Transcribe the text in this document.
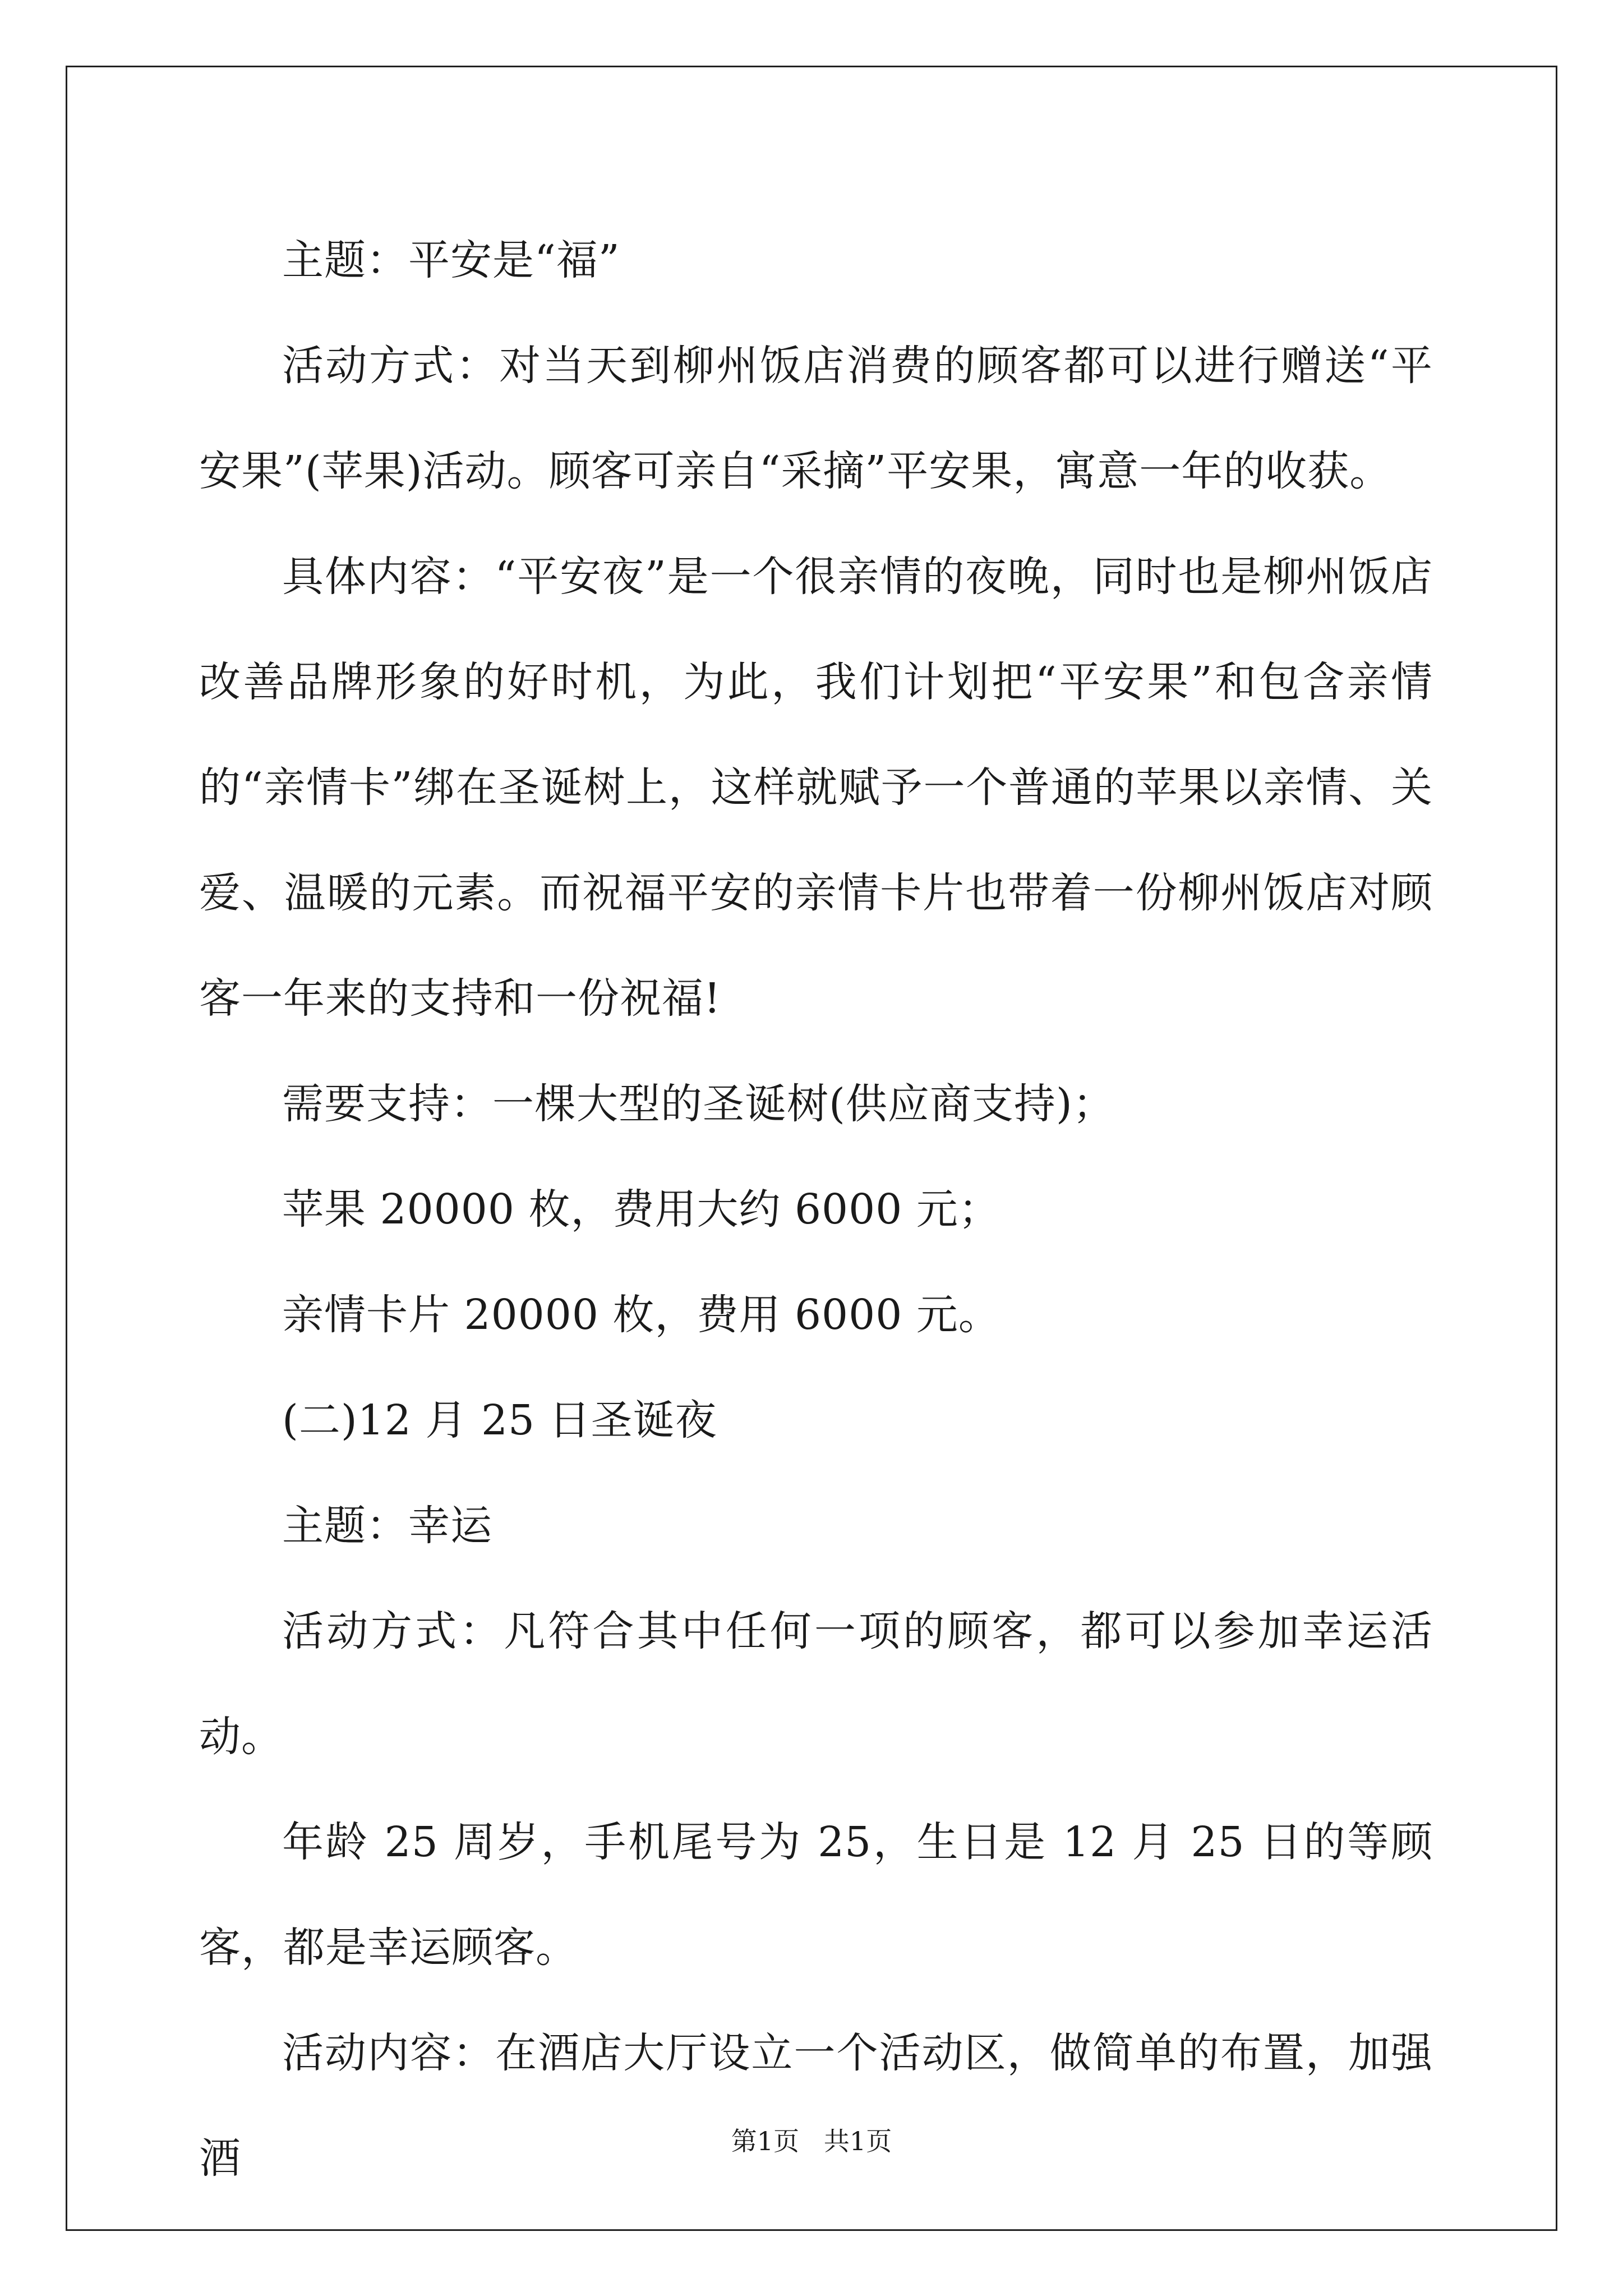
主题：平安是“福”

活动方式：对当天到柳州饭店消费的顾客都可以进行赠送“平安果”(苹果)活动。顾客可亲自“采摘”平安果，寓意一年的收获。

具体内容：“平安夜”是一个很亲情的夜晚，同时也是柳州饭店改善品牌形象的好时机，为此，我们计划把“平安果”和包含亲情的“亲情卡”绑在圣诞树上，这样就赋予一个普通的苹果以亲情、关爱、温暖的元素。而祝福平安的亲情卡片也带着一份柳州饭店对顾客一年来的支持和一份祝福!

需要支持：一棵大型的圣诞树(供应商支持)；

苹果 20000 枚，费用大约 6000 元；

亲情卡片 20000 枚，费用 6000 元。

(二)12 月 25 日圣诞夜

主题：幸运

活动方式：凡符合其中任何一项的顾客，都可以参加幸运活动。

年龄 25 周岁，手机尾号为 25，生日是 12 月 25 日的等顾客，都是幸运顾客。

活动内容：在酒店大厅设立一个活动区，做简单的布置，加强酒	第1页   共1页
